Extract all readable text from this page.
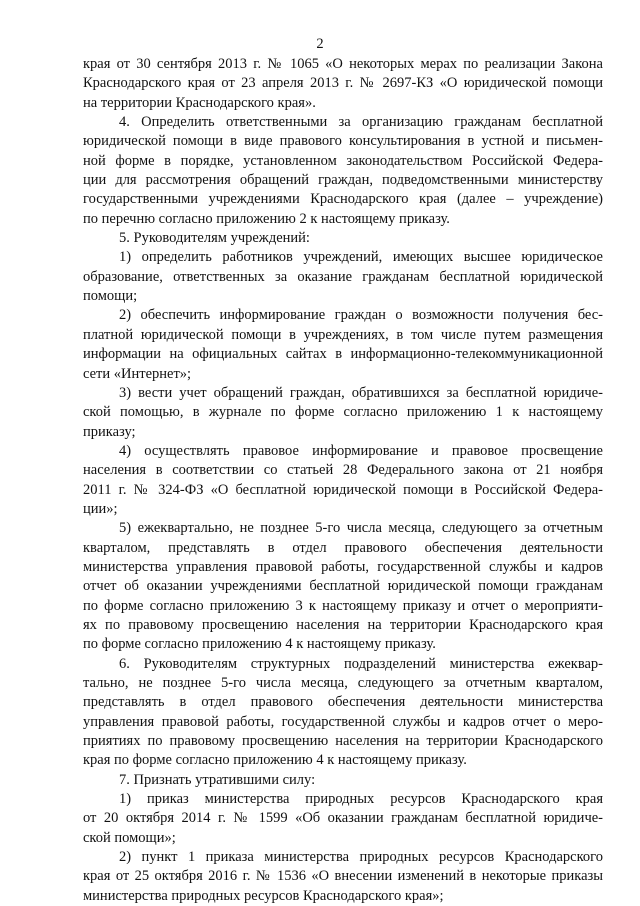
2
края от 30 сентября 2013 г. № 1065 «О некоторых мерах по реализации Закона
Краснодарского края от 23 апреля 2013 г. № 2697-КЗ «О юридической помощи
на территории Краснодарского края».
4. Определить ответственными за организацию гражданам бесплатной
юридической помощи в виде правового консультирования в устной и письмен-
ной форме в порядке, установленном законодательством Российской Федера-
ции для рассмотрения обращений граждан, подведомственными министерству
государственными учреждениями Краснодарского края (далее – учреждение)
по перечню согласно приложению 2 к настоящему приказу.
5. Руководителям учреждений:
1) определить работников учреждений, имеющих высшее юридическое
образование, ответственных за оказание гражданам бесплатной юридической
помощи;
2) обеспечить информирование граждан о возможности получения бес-
платной юридической помощи в учреждениях, в том числе путем размещения
информации на официальных сайтах в информационно-телекоммуникационной
сети «Интернет»;
3) вести учет обращений граждан, обратившихся за бесплатной юридиче-
ской помощью, в журнале по форме согласно приложению 1 к настоящему
приказу;
4) осуществлять правовое информирование и правовое просвещение
населения в соответствии со статьей 28 Федерального закона от 21 ноября
2011 г. № 324-ФЗ «О бесплатной юридической помощи в Российской Федера-
ции»;
5) ежеквартально, не позднее 5-го числа месяца, следующего за отчетным
кварталом, представлять в отдел правового обеспечения деятельности
министерства управления правовой работы, государственной службы и кадров
отчет об оказании учреждениями бесплатной юридической помощи гражданам
по форме согласно приложению 3 к настоящему приказу и отчет о мероприяти-
ях по правовому просвещению населения на территории Краснодарского края
по форме согласно приложению 4 к настоящему приказу.
6. Руководителям структурных подразделений министерства ежеквар-
тально, не позднее 5-го числа месяца, следующего за отчетным кварталом,
представлять в отдел правового обеспечения деятельности министерства
управления правовой работы, государственной службы и кадров отчет о меро-
приятиях по правовому просвещению населения на территории Краснодарского
края по форме согласно приложению 4 к настоящему приказу.
7. Признать утратившими силу:
1) приказ министерства природных ресурсов Краснодарского края
от 20 октября 2014 г. № 1599 «Об оказании гражданам бесплатной юридиче-
ской помощи»;
2) пункт 1 приказа министерства природных ресурсов Краснодарского
края от 25 октября 2016 г. № 1536 «О внесении изменений в некоторые приказы
министерства природных ресурсов Краснодарского края»;
